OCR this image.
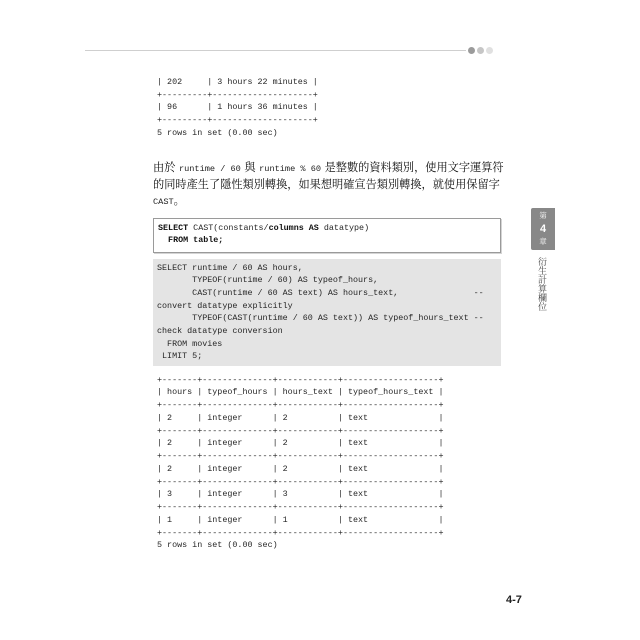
| 202     | 3 hours 22 minutes |
+---------+--------------------+
| 96      | 1 hours 36 minutes |
+---------+--------------------+
5 rows in set (0.00 sec)
由於 runtime / 60 與 runtime % 60 是整數的資料類別，使用文字運算符
的同時產生了隱性類別轉換，如果想明確宣告類別轉換，就使用保留字
CAST。
SELECT CAST(constants/columns AS datatype)
FROM table;
SELECT runtime / 60 AS hours,
TYPEOF(runtime / 60) AS typeof_hours,
CAST(runtime / 60 AS text) AS hours_text,               --
convert datatype explicitly
TYPEOF(CAST(runtime / 60 AS text)) AS typeof_hours_text --
check datatype conversion
FROM movies
LIMIT 5;
+-------+--------------+------------+-------------------+
| hours | typeof_hours | hours_text | typeof_hours_text |
+-------+--------------+------------+-------------------+
| 2     | integer      | 2          | text              |
+-------+--------------+------------+-------------------+
| 2     | integer      | 2          | text              |
+-------+--------------+------------+-------------------+
| 2     | integer      | 2          | text              |
+-------+--------------+------------+-------------------+
| 3     | integer      | 3          | text              |
+-------+--------------+------------+-------------------+
| 1     | integer      | 1          | text              |
+-------+--------------+------------+-------------------+
5 rows in set (0.00 sec)
第
4
章
衍生計算欄位
4-7
